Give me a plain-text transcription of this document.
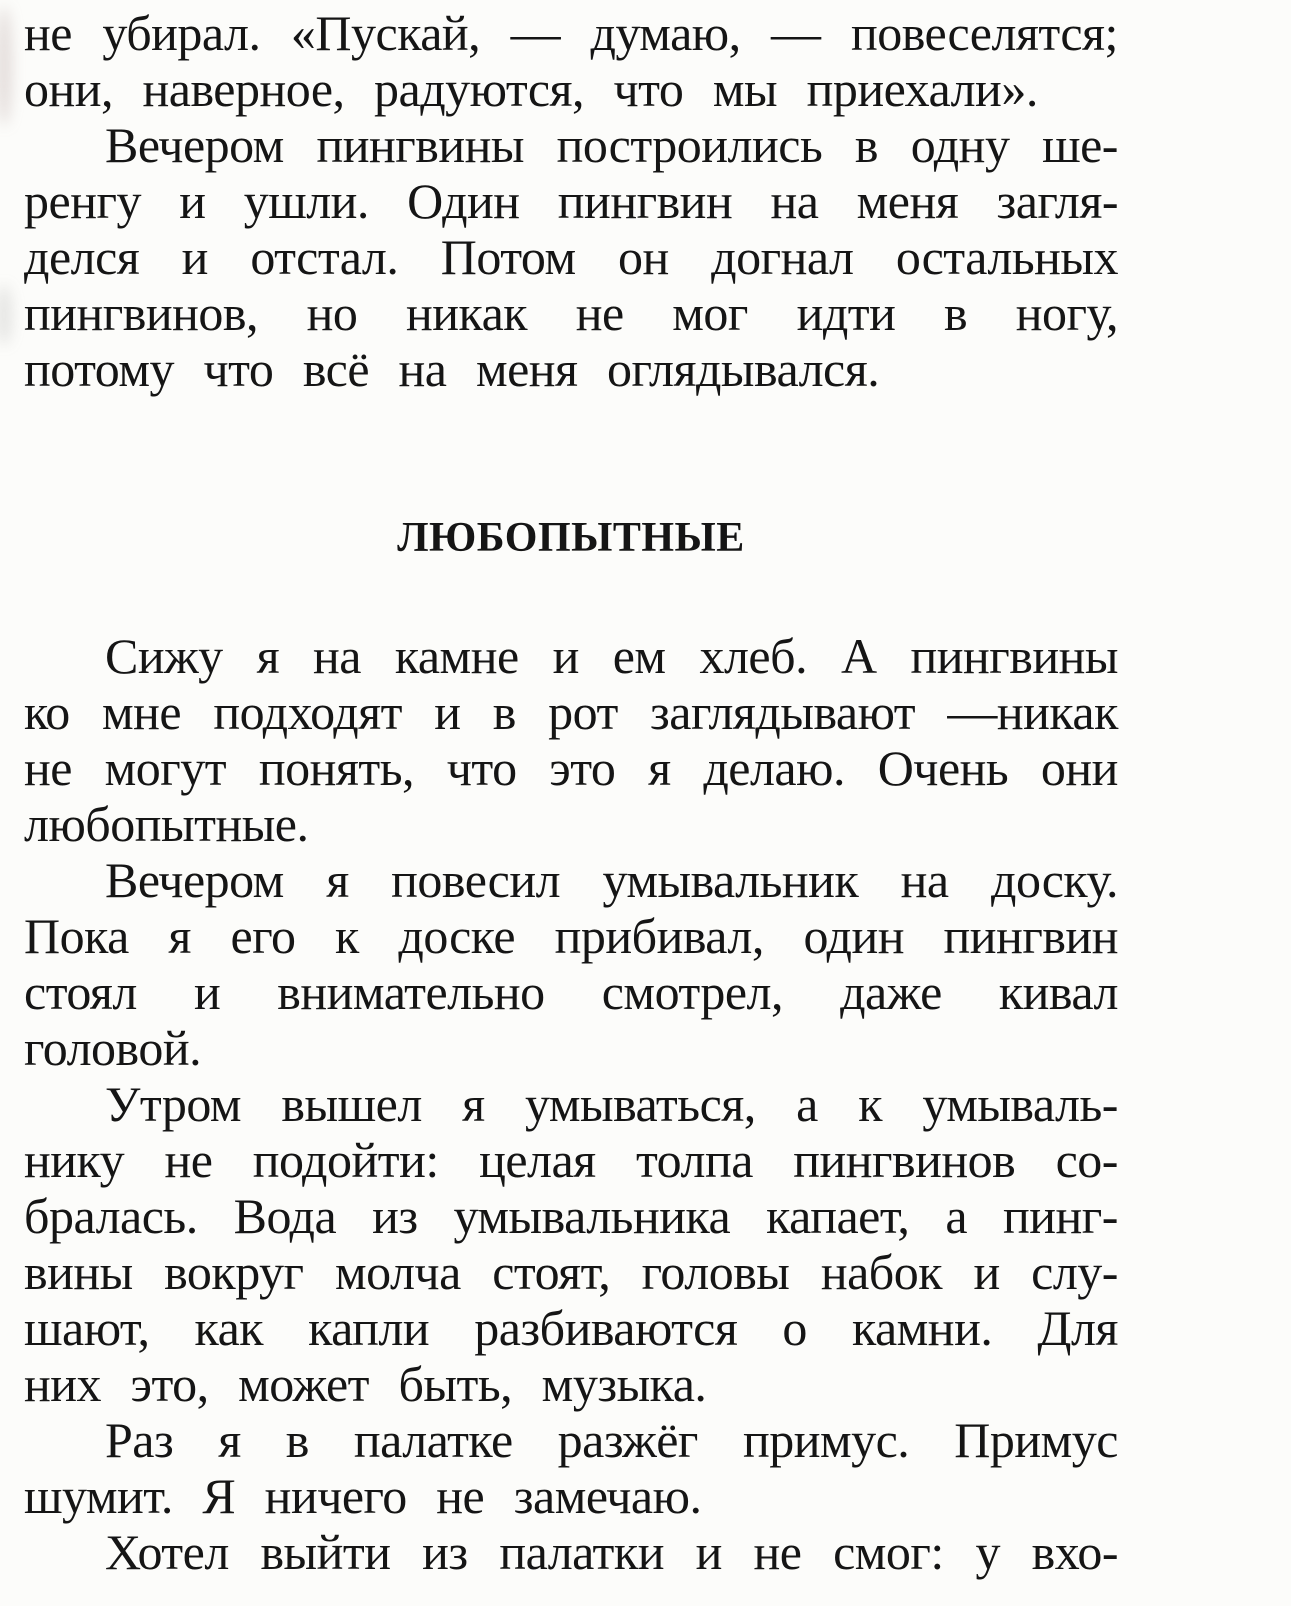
не убирал. «Пускай, — думаю, — повеселятся;
они, наверное, радуются, что мы приехали».
Вечером пингвины построились в одну ше-
ренгу и ушли. Один пингвин на меня загля-
делся и отстал. Потом он догнал остальных
пингвинов, но никак не мог идти в ногу,
потому что всё на меня оглядывался.
ЛЮБОПЫТНЫЕ
Сижу я на камне и ем хлеб. А пингвины
ко мне подходят и в рот заглядывают —никак
не могут понять, что это я делаю. Очень они
любопытные.
Вечером я повесил умывальник на доску.
Пока я его к доске прибивал, один пингвин
стоял и внимательно смотрел, даже кивал
головой.
Утром вышел я умываться, а к умываль-
нику не подойти: целая толпа пингвинов со-
бралась. Вода из умывальника капает, а пинг-
вины вокруг молча стоят, головы набок и слу-
шают, как капли разбиваются о камни. Для
них это, может быть, музыка.
Раз я в палатке разжёг примус. Примус
шумит. Я ничего не замечаю.
Хотел выйти из палатки и не смог: у вхо-
